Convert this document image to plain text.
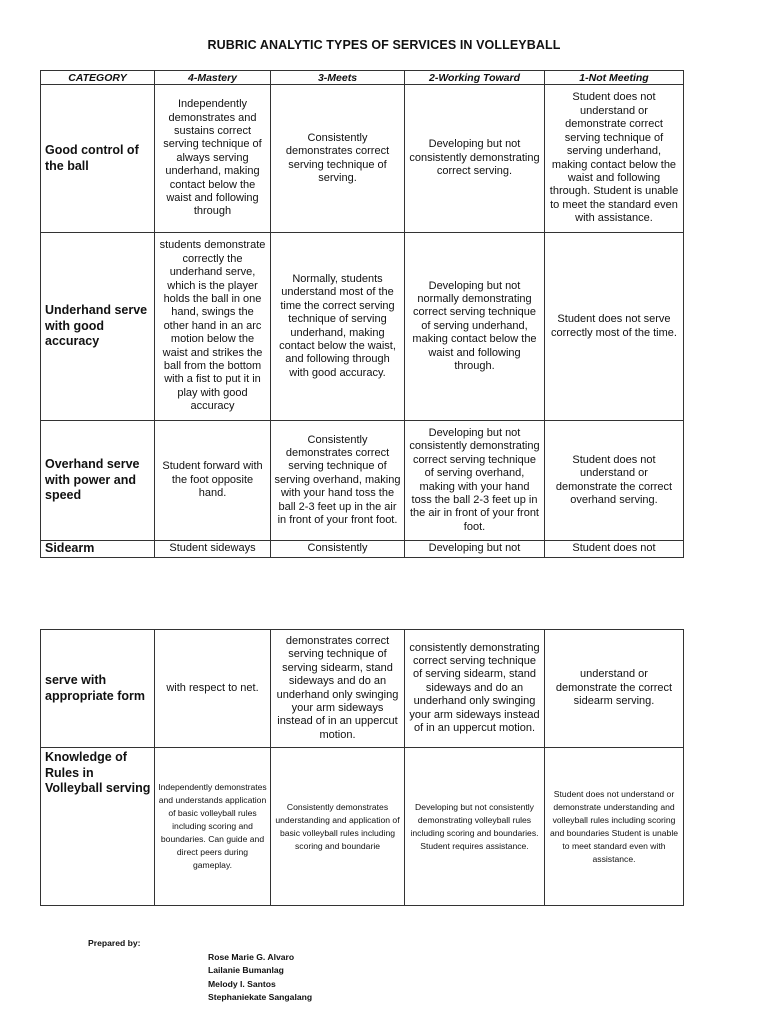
RUBRIC ANALYTIC TYPES OF SERVICES IN VOLLEYBALL
CATEGORY	4-Mastery	3-Meets	2-Working Toward	1-Not Meeting
Good control of the ball	Independently demonstrates and sustains correct serving technique of always serving underhand, making contact below the waist and following through	Consistently demonstrates correct serving technique of serving.	Developing but not consistently demonstrating correct serving.	Student does not understand or demonstrate correct serving technique of serving underhand, making contact below the waist and following through. Student is unable to meet the standard even with assistance.
Underhand serve with good accuracy	students demonstrate correctly the underhand serve, which is the player holds the ball in one hand, swings the other hand in an arc motion below the waist and strikes the ball from the bottom with a fist to put it in play with good accuracy	Normally, students understand most of the time the correct serving technique of serving underhand, making contact below the waist, and following through with good accuracy.	Developing but not normally demonstrating correct serving technique of serving underhand, making contact below the waist and following through.	Student does not serve correctly most of the time.
Overhand serve with power and speed	Student forward with the foot opposite hand.	Consistently demonstrates correct serving technique of serving overhand, making with your hand toss the ball 2-3 feet up in the air in front of your front foot.	Developing but not consistently demonstrating correct serving technique of serving overhand, making with your hand toss the ball 2-3 feet up in the air in front of your front foot.	Student does not understand or demonstrate the correct overhand serving.
Sidearm	Student sideways	Consistently	Developing but not	Student does not
serve with appropriate form	with respect to net.	demonstrates correct serving technique of serving sidearm, stand sideways and do an underhand only swinging your arm sideways instead of in an uppercut motion.	consistently demonstrating correct serving technique of serving sidearm, stand sideways and do an underhand only swinging your arm sideways instead of in an uppercut motion.	understand or demonstrate the correct sidearm serving.
Knowledge of Rules in Volleyball serving	Independently demonstrates and understands application of basic volleyball rules including scoring and boundaries. Can guide and direct peers during gameplay.	Consistently demonstrates understanding and application of basic volleyball rules including scoring and boundarie	Developing but not consistently demonstrating volleyball rules including scoring and boundaries. Student requires assistance.	Student does not understand or demonstrate understanding and volleyball rules including scoring and boundaries Student is unable to meet standard even with assistance.
Prepared by:
Rose Marie G. Alvaro
Lailanie Bumanlag
Melody I. Santos
Stephaniekate Sangalang
